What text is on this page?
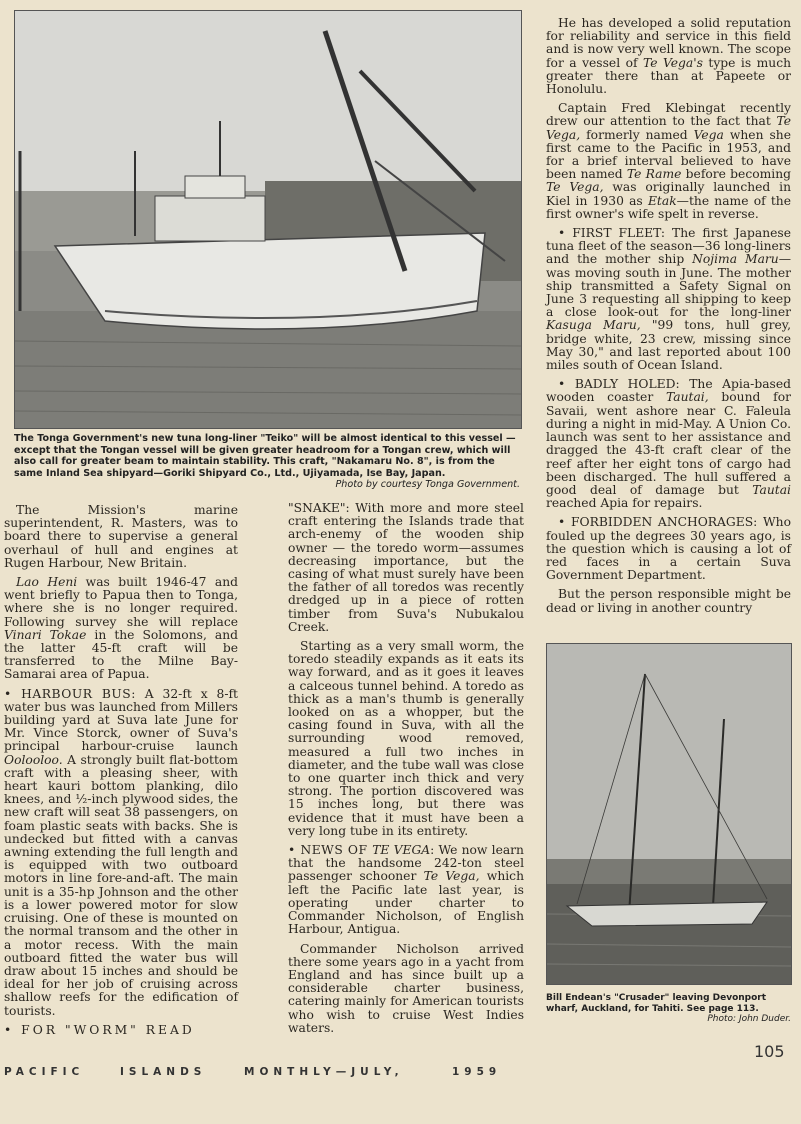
The Tonga Government's new tuna long-liner "Teiko" will be almost identical to this vessel —except that the Tongan vessel will be given greater headroom for a Tongan crew, which will also call for greater beam to maintain stability. This craft, "Nakamaru No. 8", is from the same Inland Sea shipyard—Goriki Shipyard Co., Ltd., Ujiyamada, Ise Bay, Japan.
Photo by courtesy Tonga Government.

The Mission's marine superintendent, R. Masters, was to board there to supervise a general overhaul of hull and engines at Rugen Harbour, New Britain.

Lao Heni was built 1946-47 and went briefly to Papua then to Tonga, where she is no longer required. Following survey she will replace Vinari Tokae in the Solomons, and the latter 45-ft craft will be transferred to the Milne Bay-Samarai area of Papua.

• HARBOUR BUS: A 32-ft x 8-ft water bus was launched from Millers building yard at Suva late June for Mr. Vince Storck, owner of Suva's principal harbour-cruise launch Oolooloo. A strongly built flat-bottom craft with a pleasing sheer, with heart kauri bottom planking, dilo knees, and ½-inch plywood sides, the new craft will seat 38 passengers, on foam plastic seats with backs. She is undecked but fitted with a canvas awning extending the full length and is equipped with two outboard motors in line fore-and-aft. The main unit is a 35-hp Johnson and the other is a lower powered motor for slow cruising. One of these is mounted on the normal transom and the other in a motor recess. With the main outboard fitted the water bus will draw about 15 inches and should be ideal for her job of cruising across shallow reefs for the edification of tourists.

• FOR "WORM" READ

"SNAKE": With more and more steel craft entering the Islands trade that arch-enemy of the wooden ship owner — the toredo worm—assumes decreasing importance, but the casing of what must surely have been the father of all toredos was recently dredged up in a piece of rotten timber from Suva's Nubukalou Creek.

Starting as a very small worm, the toredo steadily expands as it eats its way forward, and as it goes it leaves a calceous tunnel behind. A toredo as thick as a man's thumb is generally looked on as a whopper, but the casing found in Suva, with all the surrounding wood removed, measured a full two inches in diameter, and the tube wall was close to one quarter inch thick and very strong. The portion discovered was 15 inches long, but there was evidence that it must have been a very long tube in its entirety.

• NEWS OF TE VEGA: We now learn that the handsome 242-ton steel passenger schooner Te Vega, which left the Pacific late last year, is operating under charter to Commander Nicholson, of English Harbour, Antigua.

Commander Nicholson arrived there some years ago in a yacht from England and has since built up a considerable charter business, catering mainly for American tourists who wish to cruise West Indies waters.

He has developed a solid reputation for reliability and service in this field and is now very well known. The scope for a vessel of Te Vega's type is much greater there than at Papeete or Honolulu.

Captain Fred Klebingat recently drew our attention to the fact that Te Vega, formerly named Vega when she first came to the Pacific in 1953, and for a brief interval believed to have been named Te Rame before becoming Te Vega, was originally launched in Kiel in 1930 as Etak—the name of the first owner's wife spelt in reverse.

• FIRST FLEET: The first Japanese tuna fleet of the season—36 long-liners and the mother ship Nojima Maru—was moving south in June. The mother ship transmitted a Safety Signal on June 3 requesting all shipping to keep a close look-out for the long-liner Kasuga Maru, "99 tons, hull grey, bridge white, 23 crew, missing since May 30," and last reported about 100 miles south of Ocean Island.

• BADLY HOLED: The Apia-based wooden coaster Tautai, bound for Savaii, went ashore near C. Faleula during a night in mid-May. A Union Co. launch was sent to her assistance and dragged the 43-ft craft clear of the reef after her eight tons of cargo had been discharged. The hull suffered a good deal of damage but Tautai reached Apia for repairs.

• FORBIDDEN ANCHORAGES: Who fouled up the degrees 30 years ago, is the question which is causing a lot of red faces in a certain Suva Government Department.

But the person responsible might be dead or living in another country

Bill Endean's "Crusader" leaving Devonport wharf, Auckland, for Tahiti. See page 113.
Photo: John Duder.
105
PACIFIC	ISLANDS	MONTHLY—JULY,	1959
